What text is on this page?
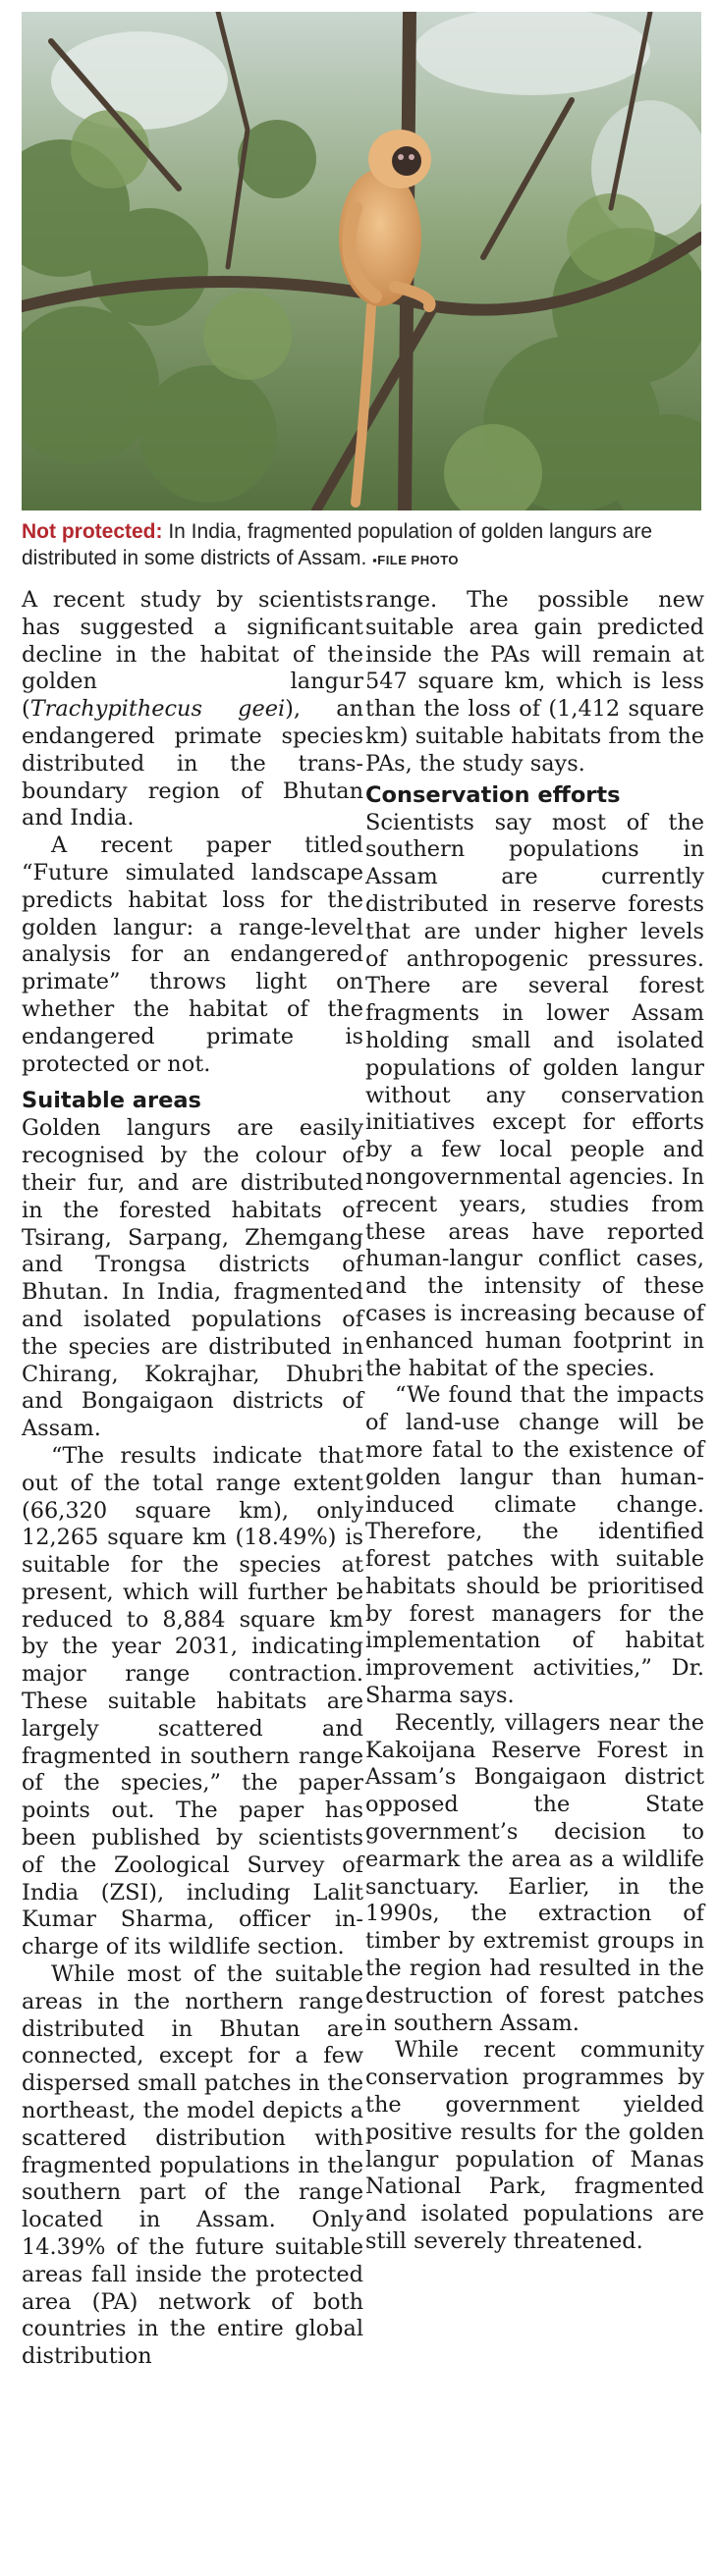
Not protected: In India, fragmented population of golden langurs are distributed in some districts of Assam. ▪FILE PHOTO

A recent study by scientists has suggested a significant decline in the habitat of the golden langur (Trachypithecus geei), an endangered primate species distributed in the trans-boundary region of Bhutan and India.

A recent paper titled “Future simulated landscape predicts habitat loss for the golden langur: a range-level analysis for an endangered primate” throws light on whether the habitat of the endangered primate is protected or not.

Suitable areas

Golden langurs are easily recognised by the colour of their fur, and are distributed in the forested habitats of Tsirang, Sarpang, Zhemgang and Trongsa districts of Bhutan. In India, fragmented and isolated populations of the species are distributed in Chirang, Kokrajhar, Dhubri and Bongaigaon districts of Assam.

“The results indicate that out of the total range extent (66,320 square km), only 12,265 square km (18.49%) is suitable for the species at present, which will further be reduced to 8,884 square km by the year 2031, indicating major range contraction. These suitable habitats are largely scattered and fragmented in southern range of the species,” the paper points out. The paper has been published by scientists of the Zoological Survey of India (ZSI), including Lalit Kumar Sharma, officer in-charge of its wildlife section.

While most of the suitable areas in the northern range distributed in Bhutan are connected, except for a few dispersed small patches in the northeast, the model depicts a scattered distribution with fragmented populations in the southern part of the range located in Assam. Only 14.39% of the future suitable areas fall inside the protected area (PA) network of both countries in the entire global distribution

range. The possible new suitable area gain predicted inside the PAs will remain at 547 square km, which is less than the loss of (1,412 square km) suitable habitats from the PAs, the study says.

Conservation efforts

Scientists say most of the southern populations in Assam are currently distributed in reserve forests that are under higher levels of anthropogenic pressures. There are several forest fragments in lower Assam holding small and isolated populations of golden langur without any conservation initiatives except for efforts by a few local people and nongovernmental agencies. In recent years, studies from these areas have reported human-langur conflict cases, and the intensity of these cases is increasing because of enhanced human footprint in the habitat of the species.

“We found that the impacts of land-use change will be more fatal to the existence of golden langur than human-induced climate change. Therefore, the identified forest patches with suitable habitats should be prioritised by forest managers for the implementation of habitat improvement activities,” Dr. Sharma says.

Recently, villagers near the Kakoijana Reserve Forest in Assam’s Bongaigaon district opposed the State government’s decision to earmark the area as a wildlife sanctuary. Earlier, in the 1990s, the extraction of timber by extremist groups in the region had resulted in the destruction of forest patches in southern Assam.

While recent community conservation programmes by the government yielded positive results for the golden langur population of Manas National Park, fragmented and isolated populations are still severely threatened.
